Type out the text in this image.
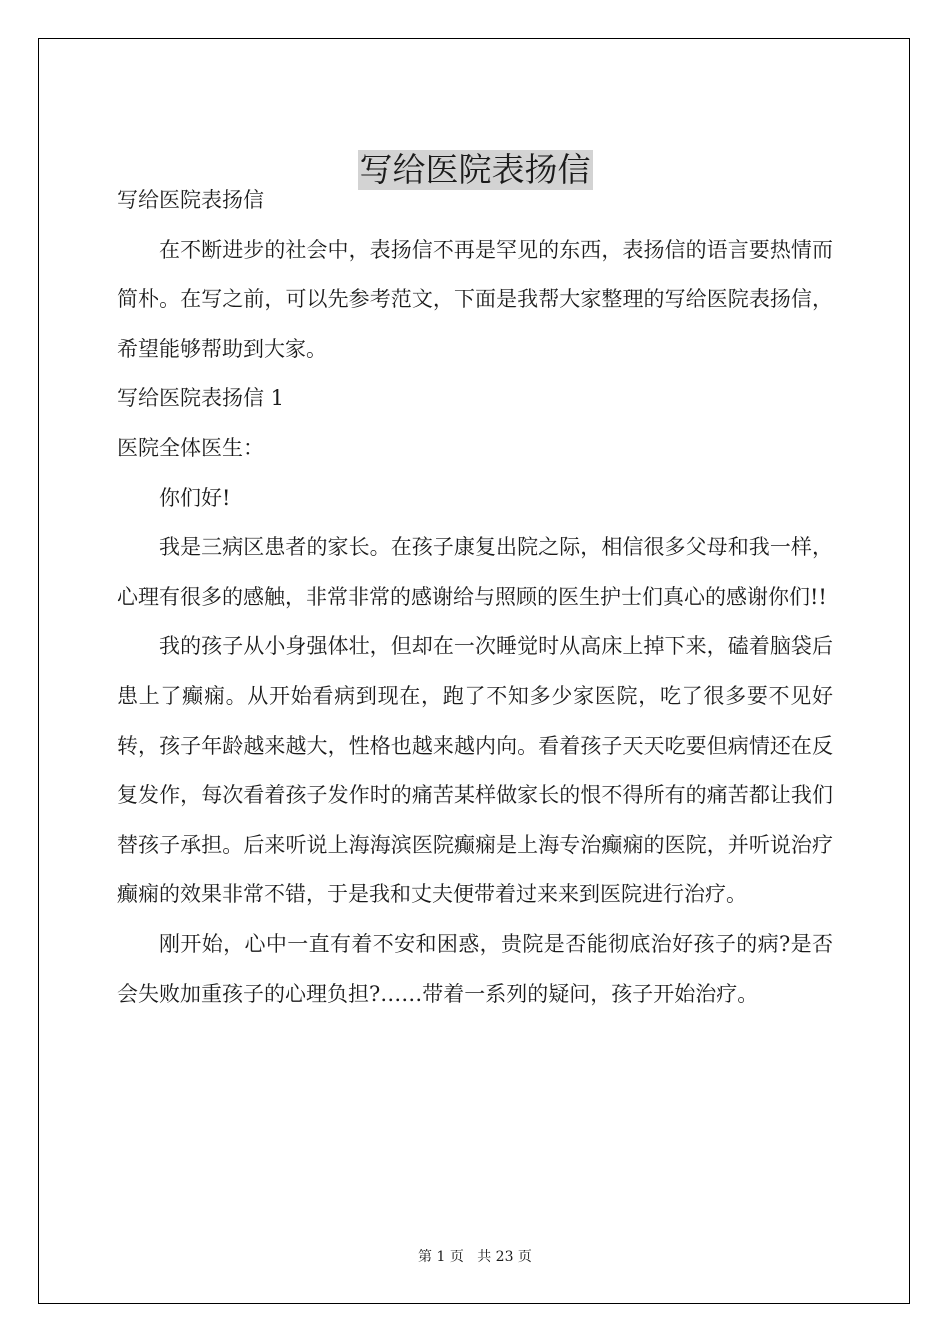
写给医院表扬信

写给医院表扬信

在不断进步的社会中，表扬信不再是罕见的东西，表扬信的语言要热情而简朴。在写之前，可以先参考范文，下面是我帮大家整理的写给医院表扬信，希望能够帮助到大家。

写给医院表扬信 1

医院全体医生：

你们好!

我是三病区患者的家长。在孩子康复出院之际，相信很多父母和我一样，心理有很多的感触，非常非常的感谢给与照顾的医生护士们真心的感谢你们!!

我的孩子从小身强体壮，但却在一次睡觉时从高床上掉下来，磕着脑袋后患上了癫痫。从开始看病到现在，跑了不知多少家医院，吃了很多要不见好转，孩子年龄越来越大，性格也越来越内向。看着孩子天天吃要但病情还在反复发作，每次看着孩子发作时的痛苦某样做家长的恨不得所有的痛苦都让我们替孩子承担。后来听说上海海滨医院癫痫是上海专治癫痫的医院，并听说治疗癫痫的效果非常不错，于是我和丈夫便带着过来来到医院进行治疗。

刚开始，心中一直有着不安和困惑，贵院是否能彻底治好孩子的病?是否会失败加重孩子的心理负担?……带着一系列的疑问，孩子开始治疗。

第 1 页 共 23 页
